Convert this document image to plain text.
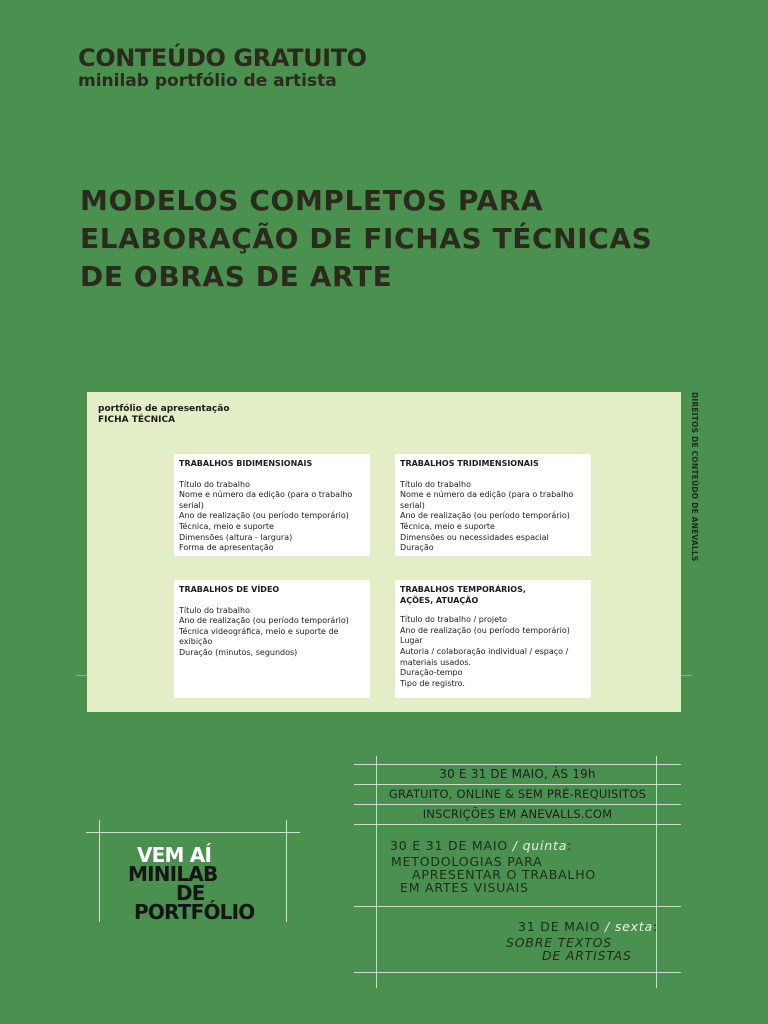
CONTEÚDO GRATUITO
minilab portfólio de artista
MODELOS COMPLETOS PARA
ELABORAÇÃO DE FICHAS TÉCNICAS
DE OBRAS DE ARTE
portfólio de apresentação
FICHA TÉCNICA
TRABALHOS BIDIMENSIONAIS
Título do trabalho
Nome e número da edição (para o trabalho serial)
Ano de realização (ou período temporário)
Técnica, meio e suporte
Dimensões (altura - largura)
Forma de apresentação
TRABALHOS TRIDIMENSIONAIS
Título do trabalho
Nome e número da edição (para o trabalho serial)
Ano de realização (ou período temporário)
Técnica, meio e suporte
Dimensões ou necessidades espacial
Duração
TRABALHOS DE VÍDEO
Título do trabalho
Ano de realização (ou período temporário)
Técnica videográfica, meio e suporte de exibição
Duração (minutos, segundos)
TRABALHOS TEMPORÁRIOS,
AÇÕES, ATUAÇÃO
Título do trabalho / projeto
Ano de realização (ou período temporário)
Lugar
Autoria / colaboração individual / espaço / materiais usados.
Duração-tempo
Tipo de registro.
DIREITOS DE CONTEÚDO DE ANEVALLS
VEM AÍ
MINILAB
DE
PORTFÓLIO
30 E 31 DE MAIO, ÀS 19h
GRATUITO, ONLINE & SEM PRÉ-REQUISITOS
INSCRIÇÕES EM ANEVALLS.COM
30 E 31 DE MAIO / quinta:
METODOLOGIAS PARA
APRESENTAR O TRABALHO
EM ARTES VISUAIS
31 DE MAIO / sexta:
SOBRE TEXTOS
DE ARTISTAS
